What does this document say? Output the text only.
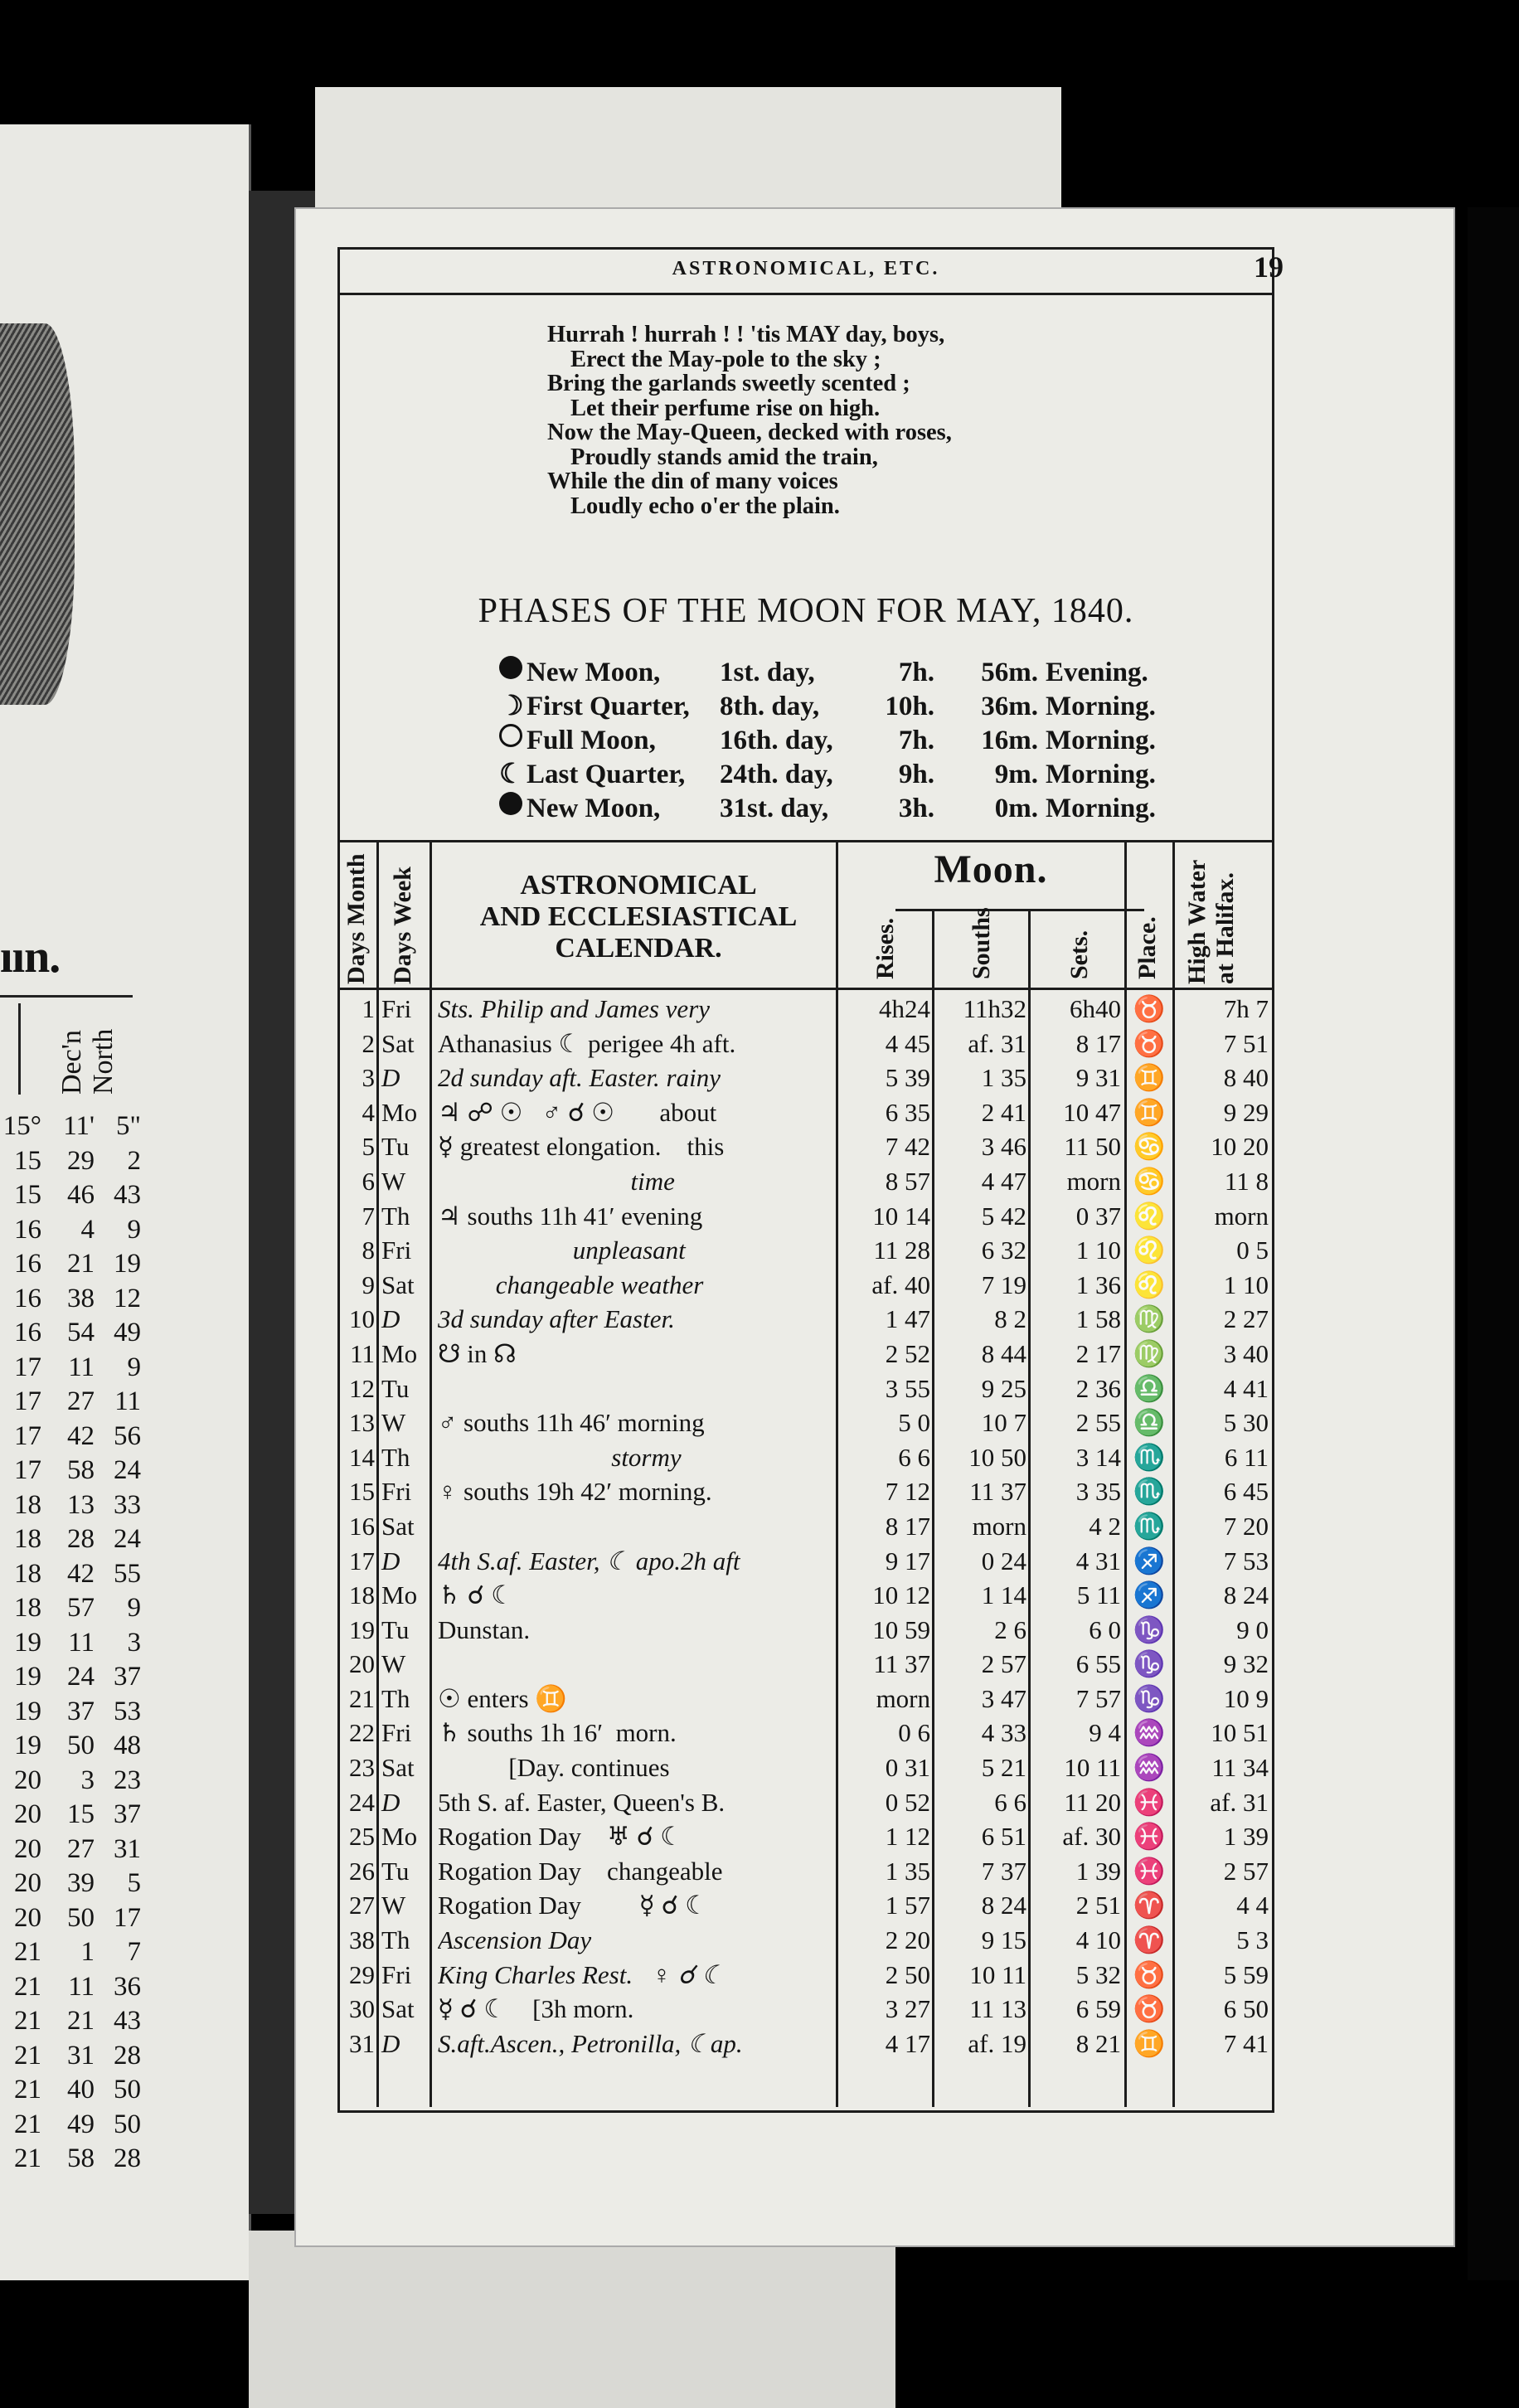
ıın.
Dec'n North
15° 11' 5"
15 29	2
15 46 43
16	4	9
16 21 19
16 38 12
16 54 49
17 11	9
17 27 11
17 42 56
17 58 24
18 13 33
18 28 24
18 42 55
18 57	9
19 11	3
19 24 37
19 37 53
19 50 48
20	3 23
20 15 37
20 27 31
20 39	5
20 50 17
21	1	7
21 11 36
21 21 43
21 31 28
21 40 50
21 49 50
21 58 28
ASTRONOMICAL, ETC.	19
Hurrah ! hurrah ! ! 'tis MAY day, boys,
Erect the May-pole to the sky ;
Bring the garlands sweetly scented ;
Let their perfume rise on high.
Now the May-Queen, decked with roses,
Proudly stands amid the train,
While the din of many voices
Loudly echo o'er the plain.
PHASES OF THE MOON FOR MAY, 1840.
New Moon, 1st. day,	7h.	56m. Evening.
☽ First Quarter, 8th. day,	10h.	36m. Morning.
Full Moon, 16th. day,	7h.	16m. Morning.
☾ Last Quarter, 24th. day,	9h.	9m. Morning.
New Moon, 31st. day,	3h.	0m. Morning.
Days Month Days Week	ASTRONOMICAL
AND ECCLESIASTICAL
CALENDAR.
Moon.
Rises.	Souths	Sets. Place. High Water at Halifax.
1 Fri Sts. Philip and James very	4h24	11h32	6h40 ♉	7h 7
2 Sat Athanasius ☾ perigee 4h aft.	4 45	af. 31	8 17 ♉	7 51
3 D 2d sunday aft. Easter. rainy	5 39	1 35	9 31 ♊	8 40
4 Mo ♃ ☍ ☉   ♂ ☌ ☉       about	6 35	2 41	10 47 ♊	9 29
5 Tu ☿ greatest elongation.    this	7 42	3 46	11 50 ♋	10 20
6 W time	8 57	4 47	morn ♋	11 8
7 Th ♃ souths 11h 41′ evening	10 14	5 42	0 37 ♌	morn
8 Fri unpleasant	11 28	6 32	1 10 ♌	0 5
9 Sat changeable weather	af. 40	7 19	1 36 ♌	1 10
10 D 3d sunday after Easter.	1 47	8 2	1 58 ♍	2 27
11 Mo ☋ in ☊	2 52	8 44	2 17 ♍	3 40
12 Tu	3 55	9 25	2 36 ♎	4 41
13 W ♂ souths 11h 46′ morning	5 0	10 7	2 55 ♎	5 30
14 Th stormy	6 6	10 50	3 14 ♏	6 11
15 Fri ♀ souths 19h 42′ morning.	7 12	11 37	3 35 ♏	6 45
16 Sat	8 17	morn	4 2 ♏	7 20
17 D 4th S.af. Easter, ☾ apo.2h aft	9 17	0 24	4 31 ♐	7 53
18 Mo ♄ ☌ ☾	10 12	1 14	5 11 ♐	8 24
19 Tu Dunstan.	10 59	2 6	6 0 ♑	9 0
20 W	11 37	2 57	6 55 ♑	9 32
21 Th ☉ enters ♊	morn	3 47	7 57 ♑	10 9
22 Fri ♄ souths 1h 16′  morn.	0 6	4 33	9 4 ♒	10 51
23 Sat [Day. continues	0 31	5 21	10 11 ♒	11 34
24 D 5th S. af. Easter, Queen's B.	0 52	6 6	11 20 ♓	af. 31
25 Mo Rogation Day    ♅ ☌ ☾	1 12	6 51	af. 30 ♓	1 39
26 Tu Rogation Day    changeable	1 35	7 37	1 39 ♓	2 57
27 W Rogation Day         ☿ ☌ ☾	1 57	8 24	2 51 ♈	4 4
38 Th Ascension Day	2 20	9 15	4 10 ♈	5 3
29 Fri King Charles Rest.   ♀ ☌ ☾	2 50	10 11	5 32 ♉	5 59
30 Sat ☿ ☌ ☾    [3h morn.	3 27	11 13	6 59 ♉	6 50
31 D S.aft.Ascen., Petronilla, ☾ap.	4 17	af. 19	8 21 ♊	7 41
